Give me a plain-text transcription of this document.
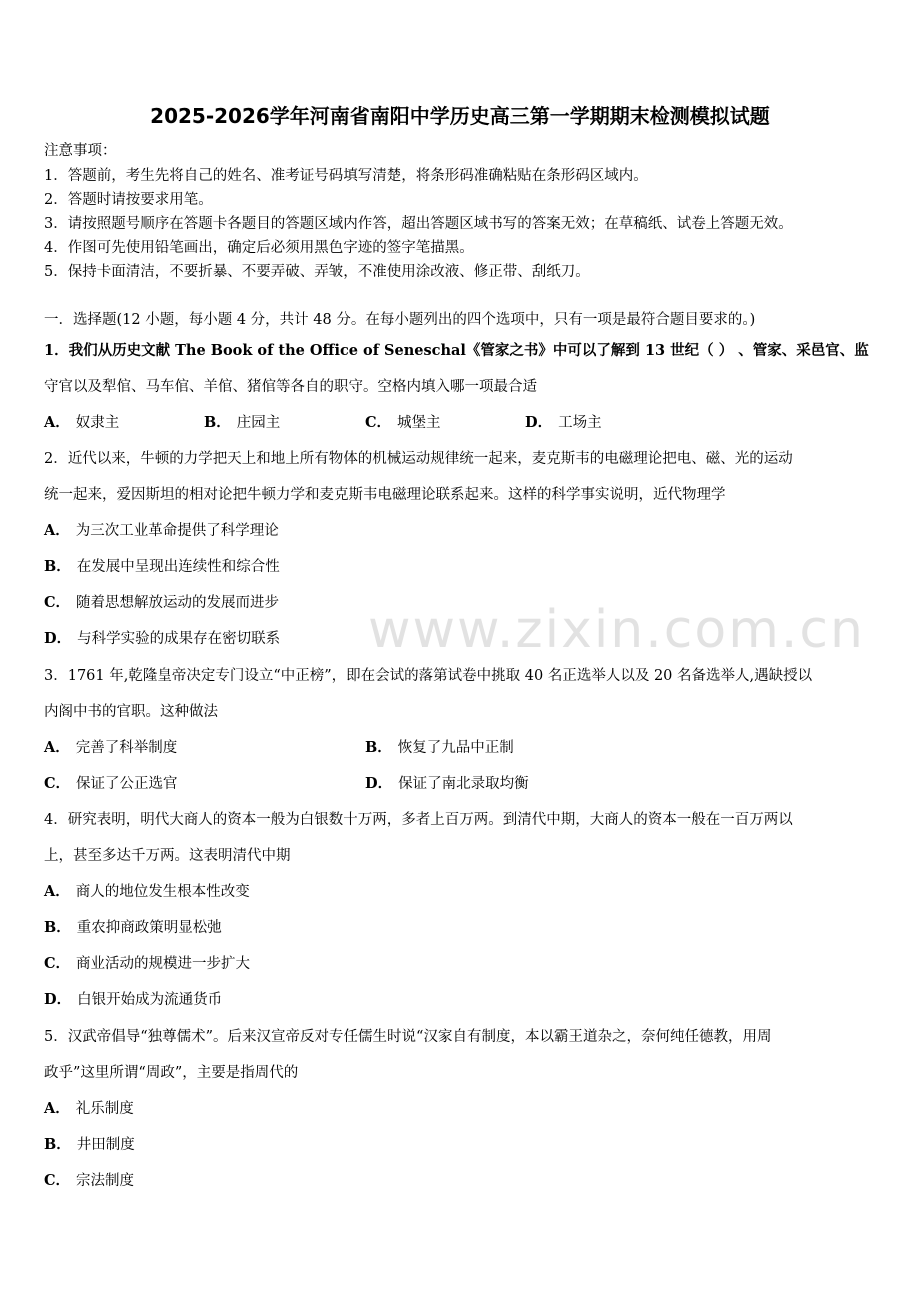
2025-2026学年河南省南阳中学历史高三第一学期期末检测模拟试题
注意事项：
1．答题前，考生先将自己的姓名、准考证号码填写清楚，将条形码准确粘贴在条形码区域内。
2．答题时请按要求用笔。
3．请按照题号顺序在答题卡各题目的答题区域内作答，超出答题区域书写的答案无效；在草稿纸、试卷上答题无效。
4．作图可先使用铅笔画出，确定后必须用黑色字迹的签字笔描黑。
5．保持卡面清洁，不要折暴、不要弄破、弄皱，不准使用涂改液、修正带、刮纸刀。
一．选择题(12 小题，每小题 4 分，共计 48 分。在每小题列出的四个选项中，只有一项是最符合题目要求的。)
1．我们从历史文献 The Book of the Office of Seneschal《管家之书》中可以了解到 13 世纪（ ） 、管家、采邑官、监
守官以及犁倌、马车倌、羊倌、猪倌等各自的职守。空格内填入哪一项最合适
A． 奴隶主	B． 庄园主	C． 城堡主	D． 工场主
2．近代以来，牛顿的力学把天上和地上所有物体的机械运动规律统一起来，麦克斯韦的电磁理论把电、磁、光的运动
统一起来，爱因斯坦的相对论把牛顿力学和麦克斯韦电磁理论联系起来。这样的科学事实说明，近代物理学
A． 为三次工业革命提供了科学理论
B． 在发展中呈现出连续性和综合性
C． 随着思想解放运动的发展而进步
D． 与科学实验的成果存在密切联系
3．1761 年,乾隆皇帝决定专门设立“中正榜”，即在会试的落第试卷中挑取 40 名正选举人以及 20 名备选举人,遇缺授以
内阁中书的官职。这种做法
A． 完善了科举制度	B． 恢复了九品中正制
C． 保证了公正选官	D． 保证了南北录取均衡
4．研究表明，明代大商人的资本一般为白银数十万两，多者上百万两。到清代中期，大商人的资本一般在一百万两以
上，甚至多达千万两。这表明清代中期
A． 商人的地位发生根本性改变
B． 重农抑商政策明显松弛
C． 商业活动的规模进一步扩大
D． 白银开始成为流通货币
5．汉武帝倡导“独尊儒术”。后来汉宣帝反对专任儒生时说“汉家自有制度，本以霸王道杂之，奈何纯任德教，用周
政乎”这里所谓“周政”，主要是指周代的
A． 礼乐制度
B． 井田制度
C． 宗法制度
www.zixin.com.cn
